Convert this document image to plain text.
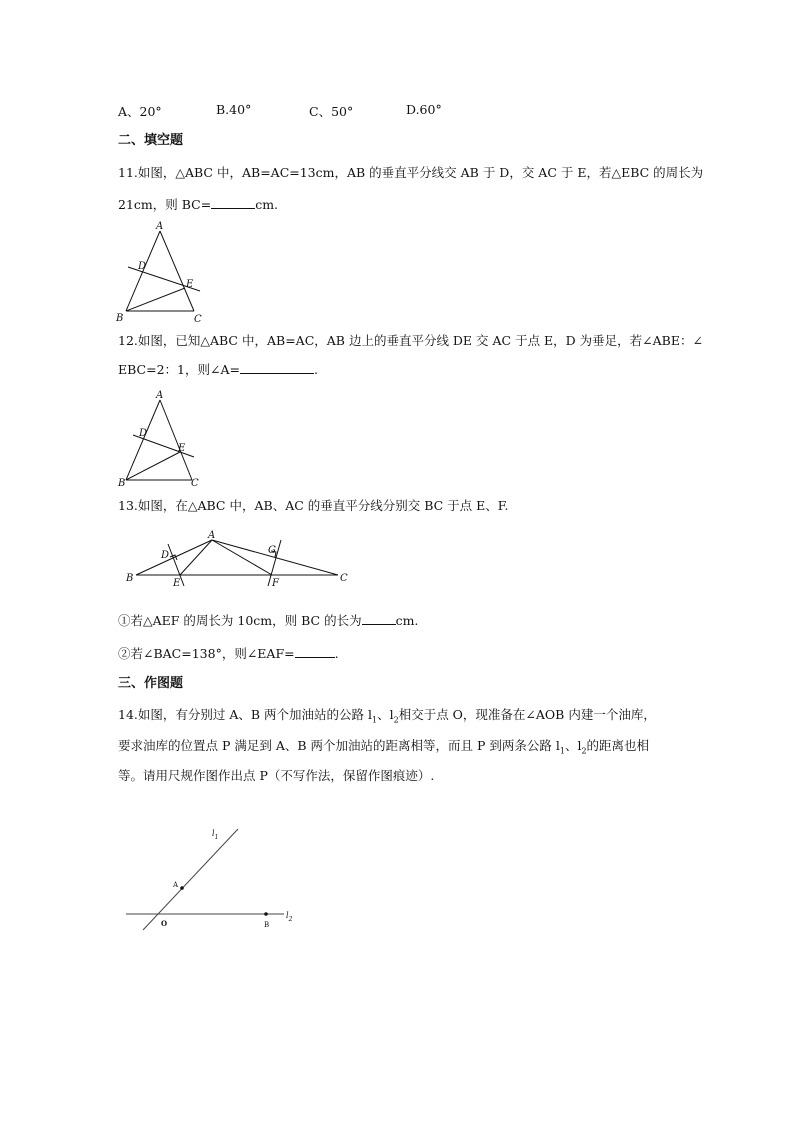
A、20°	B.40°	C、50°	D.60°
二、填空题
11.如图，△ABC 中，AB=AC=13cm，AB 的垂直平分线交 AB 于 D，交 AC 于 E，若△EBC 的周长为
21cm，则 BC=	cm.
A
B	C
D
E
12.如图，已知△ABC 中，AB=AC，AB 边上的垂直平分线 DE 交 AC 于点 E，D 为垂足，若∠ABE：∠
EBC=2：1，则∠A=	.
A
B	C
D
E
13.如图，在△ABC 中，AB、AC 的垂直平分线分别交 BC 于点 E、F.
A
B	C
D
E	F
G
①若△AEF 的周长为 10cm，则 BC 的长为	cm.
②若∠BAC=138°，则∠EAF=	.
三、作图题
14.如图，有分别过 A、B 两个加油站的公路 $l_1$、$l_2$相交于点 O，现准备在∠AOB 内建一个油库，
要求油库的位置点 P 满足到 A、B 两个加油站的距离相等，而且 P 到两条公路 $l_1$、$l_2$的距离也相
等。请用尺规作图作出点 P（不写作法，保留作图痕迹）.
$l_1$
$l_2$
A
O	B
